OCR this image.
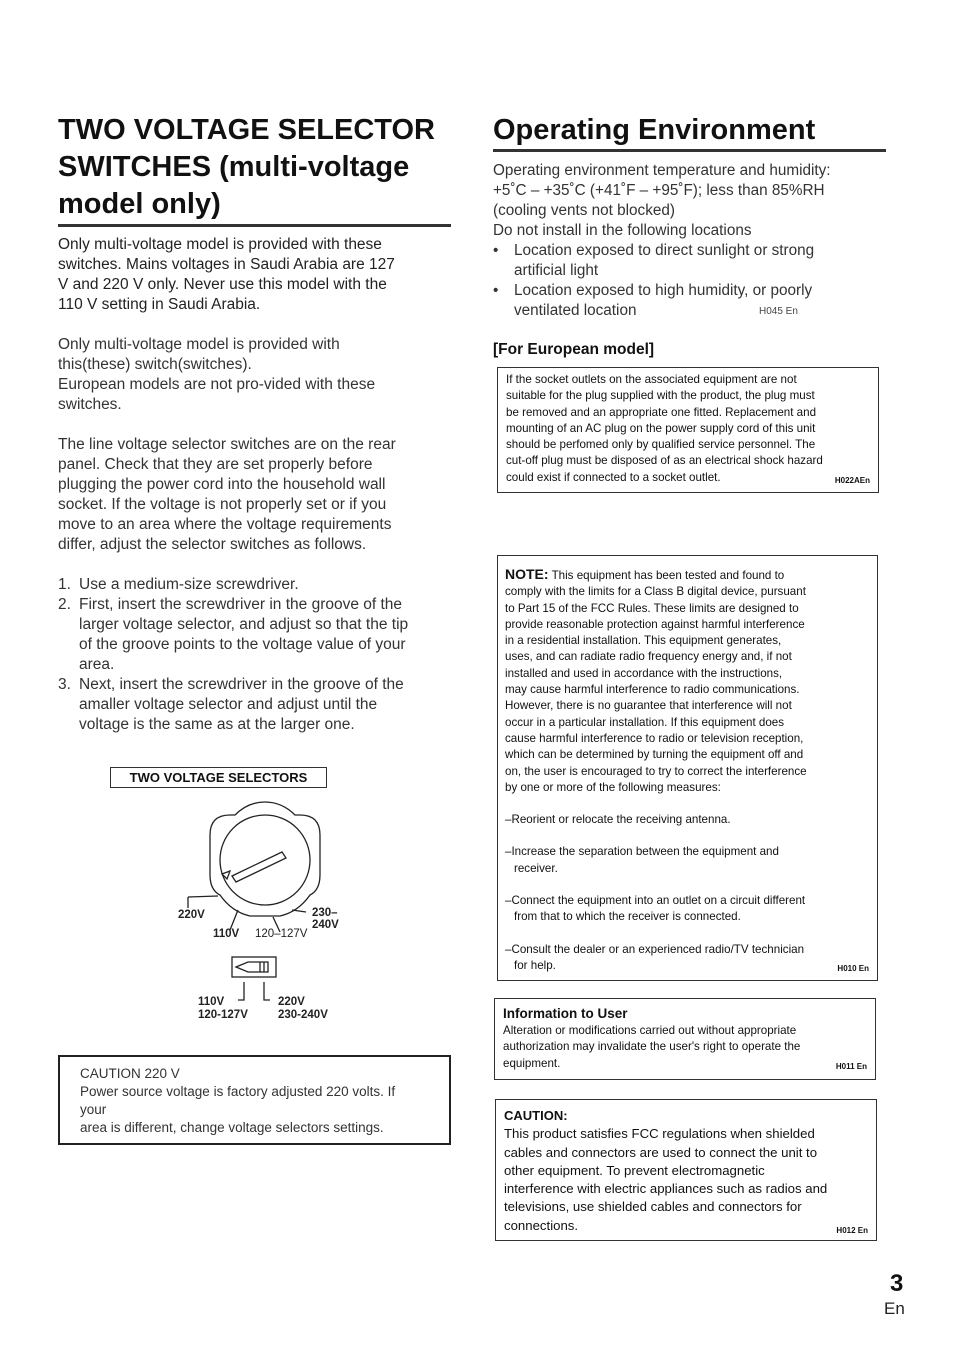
TWO VOLTAGE SELECTOR
SWITCHES (multi-voltage
model only)

Only multi-voltage model is provided with these

switches. Mains voltages in Saudi Arabia are 127

V and 220 V only. Never use this model with the

110 V setting in Saudi Arabia.

Only multi-voltage model is provided with

this(these) switch(switches).

European models are not pro-vided with these

switches.

The line voltage selector switches are on the rear

panel. Check that they are set properly before

plugging the power cord into the household wall

socket. If the voltage is not properly set or if you

move to an area where the voltage requirements

differ, adjust the selector switches as follows.

1. Use a medium-size screwdriver.
2. First, insert the screwdriver in the groove of the
larger voltage selector, and adjust so that the tip
of the groove points to the voltage value of your
area.
3. Next, insert the screwdriver in the groove of the
amaller voltage selector and adjust until the
voltage is the same as at the larger one.
TWO VOLTAGE SELECTORS
220V
110V 120–127V
230–
240V
110V
120-127V
220V
230-240V
CAUTION 220 V
Power source voltage is factory adjusted 220 volts. If
your
area is different, change voltage selectors settings.
Operating Environment

Operating environment temperature and humidity:

+5˚C – +35˚C (+41˚F – +95˚F); less than 85%RH

(cooling vents not blocked)

Do not install in the following locations

• Location exposed to direct sunlight or strong
artificial light
• Location exposed to high humidity, or poorly
ventilated location	H045 En
[For European model]
If the socket outlets on the associated equipment are not
suitable for the plug supplied with the product, the plug must
be removed and an appropriate one fitted. Replacement and
mounting of an AC plug on the power supply cord of this unit
should be perfomed only by qualified service personnel. The
cut-off plug must be disposed of as an electrical shock hazard
could exist if connected to a socket outlet.	H022AEn
NOTE: This equipment has been tested and found to
comply with the limits for a Class B digital device, pursuant
to Part 15 of the FCC Rules. These limits are designed to
provide reasonable protection against harmful interference
in a residential installation. This equipment generates,
uses, and can radiate radio frequency energy and, if not
installed and used in accordance with the instructions,
may cause harmful interference to radio communications.
However, there is no guarantee that interference will not
occur in a particular installation. If this equipment does
cause harmful interference to radio or television reception,
which can be determined by turning the equipment off and
on, the user is encouraged to try to correct the interference
by one or more of the following measures:
–Reorient or relocate the receiving antenna.
–Increase the separation between the equipment and
receiver.
–Connect the equipment into an outlet on a circuit different
from that to which the receiver is connected.
–Consult the dealer or an experienced radio/TV technician
for help.	H010 En
Information to User
Alteration or modifications carried out without appropriate
authorization may invalidate the user's right to operate the
equipment.	H011 En
CAUTION:
This product satisfies FCC regulations when shielded
cables and connectors are used to connect the unit to
other equipment. To prevent electromagnetic
interference with electric appliances such as radios and
televisions, use shielded cables and connectors for
connections.	H012 En
3
En
